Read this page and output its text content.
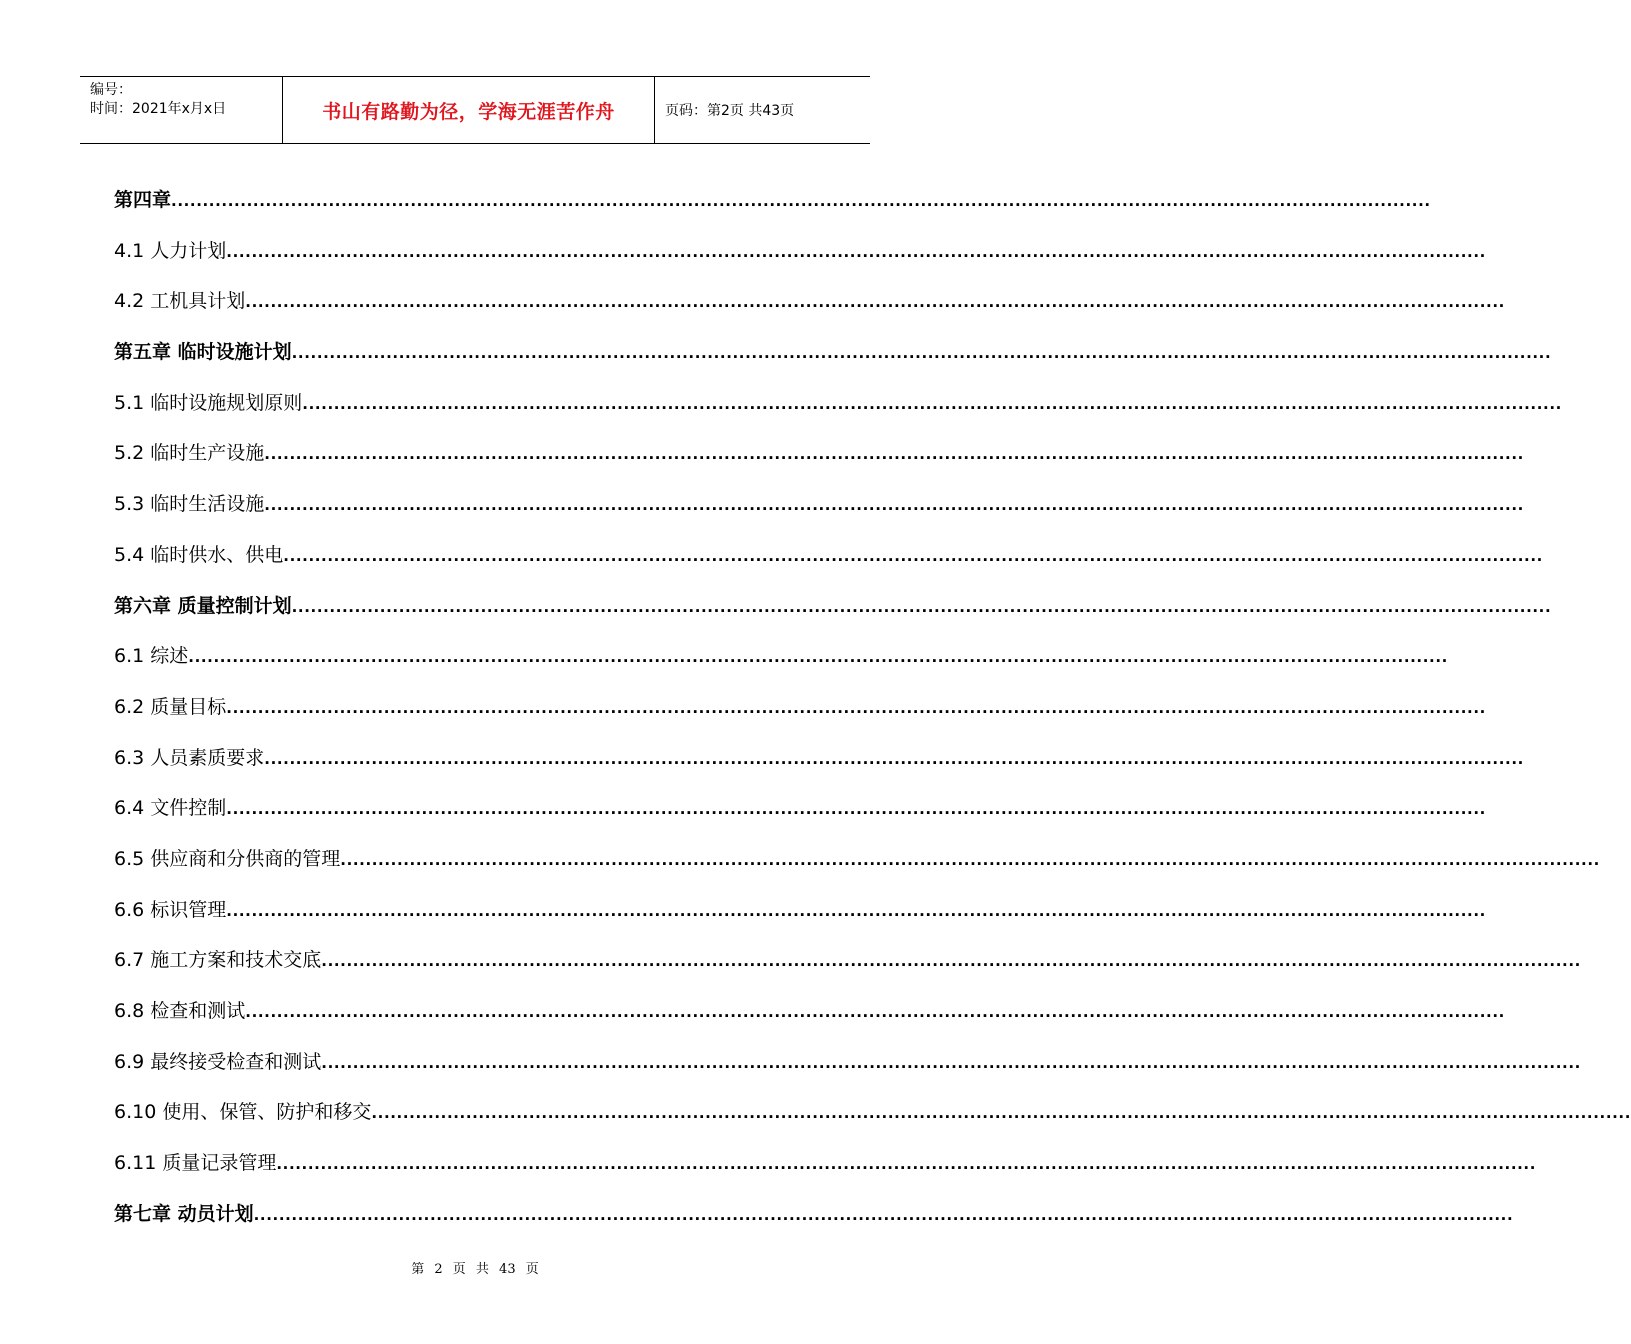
编号：
时间：2021年x月x日	书山有路勤为径，学海无涯苦作舟	页码：第2页 共43页
第四章 ........................................................................................................................................................................................................
4.1 人力计划 ........................................................................................................................................................................................................
4.2 工机具计划 ........................................................................................................................................................................................................
第五章 临时设施计划 ........................................................................................................................................................................................................
5.1 临时设施规划原则 ........................................................................................................................................................................................................
5.2 临时生产设施 ........................................................................................................................................................................................................
5.3 临时生活设施 ........................................................................................................................................................................................................
5.4 临时供水、供电 ........................................................................................................................................................................................................
第六章 质量控制计划 ........................................................................................................................................................................................................
6.1 综述 ........................................................................................................................................................................................................
6.2 质量目标 ........................................................................................................................................................................................................
6.3 人员素质要求 ........................................................................................................................................................................................................
6.4 文件控制 ........................................................................................................................................................................................................
6.5 供应商和分供商的管理 ........................................................................................................................................................................................................
6.6 标识管理 ........................................................................................................................................................................................................
6.7 施工方案和技术交底 ........................................................................................................................................................................................................
6.8 检查和测试 ........................................................................................................................................................................................................
6.9 最终接受检查和测试 ........................................................................................................................................................................................................
6.10 使用、保管、防护和移交 ........................................................................................................................................................................................................
6.11 质量记录管理 ........................................................................................................................................................................................................
第七章 动员计划 ........................................................................................................................................................................................................
第 2 页 共 43 页
